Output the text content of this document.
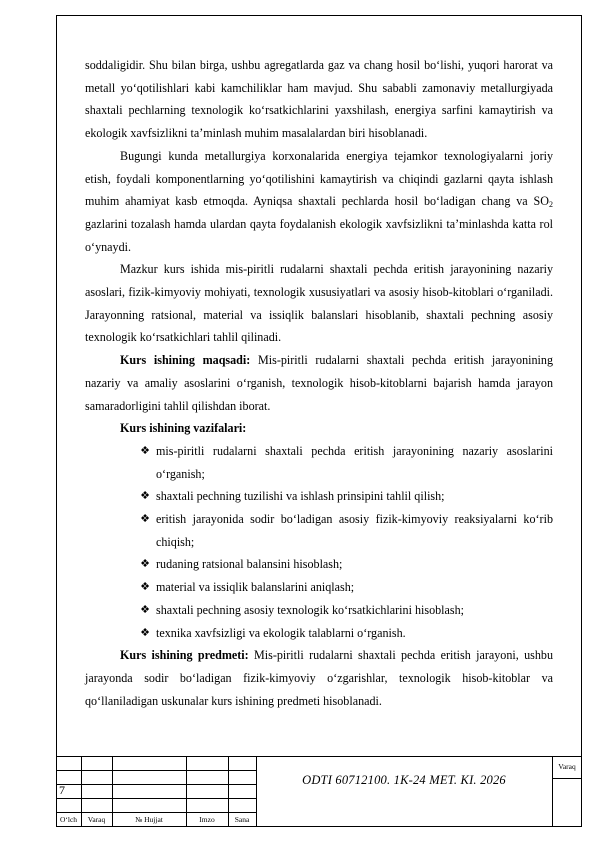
soddaligidir. Shu bilan birga, ushbu agregatlarda gaz va chang hosil bo‘lishi, yuqori harorat va metall yo‘qotilishlari kabi kamchiliklar ham mavjud. Shu sababli zamonaviy metallurgiyada shaxtali pechlarning texnologik ko‘rsatkichlarini yaxshilash, energiya sarfini kamaytirish va ekologik xavfsizlikni ta’minlash muhim masalalardan biri hisoblanadi.

Bugungi kunda metallurgiya korxonalarida energiya tejamkor texnologiyalarni joriy etish, foydali komponentlarning yo‘qotilishini kamaytirish va chiqindi gazlarni qayta ishlash muhim ahamiyat kasb etmoqda. Ayniqsa shaxtali pechlarda hosil bo‘ladigan chang va $SO_2$ gazlarini tozalash hamda ulardan qayta foydalanish ekologik xavfsizlikni ta’minlashda katta rol o‘ynaydi.

Mazkur kurs ishida mis-piritli rudalarni shaxtali pechda eritish jarayonining nazariy asoslari, fizik-kimyoviy mohiyati, texnologik xususiyatlari va asosiy hisob-kitoblari o‘rganiladi. Jarayonning ratsional, material va issiqlik balanslari hisoblanib, shaxtali pechning asosiy texnologik ko‘rsatkichlari tahlil qilinadi.

Kurs ishining maqsadi: Mis-piritli rudalarni shaxtali pechda eritish jarayonining nazariy va amaliy asoslarini o‘rganish, texnologik hisob-kitoblarni bajarish hamda jarayon samaradorligini tahlil qilishdan iborat.

Kurs ishining vazifalari:

❖ mis-piritli rudalarni shaxtali pechda eritish jarayonining nazariy asoslarini o‘rganish;
❖ shaxtali pechning tuzilishi va ishlash prinsipini tahlil qilish;
❖ eritish jarayonida sodir bo‘ladigan asosiy fizik-kimyoviy reaksiyalarni ko‘rib chiqish;
❖ rudaning ratsional balansini hisoblash;
❖ material va issiqlik balanslarini aniqlash;
❖ shaxtali pechning asosiy texnologik ko‘rsatkichlarini hisoblash;
❖ texnika xavfsizligi va ekologik talablarni o‘rganish.

Kurs ishining predmeti: Mis-piritli rudalarni shaxtali pechda eritish jarayoni, ushbu jarayonda sodir bo‘ladigan fizik-kimyoviy o‘zgarishlar, texnologik hisob-kitoblar va qo‘llaniladigan uskunalar kurs ishining predmeti hisoblanadi.

7
O‘lch	Varaq	№ Hujjat	Imzo	Sana
Varaq
ODTI 60712100. 1K-24 MET. KI. 2026
